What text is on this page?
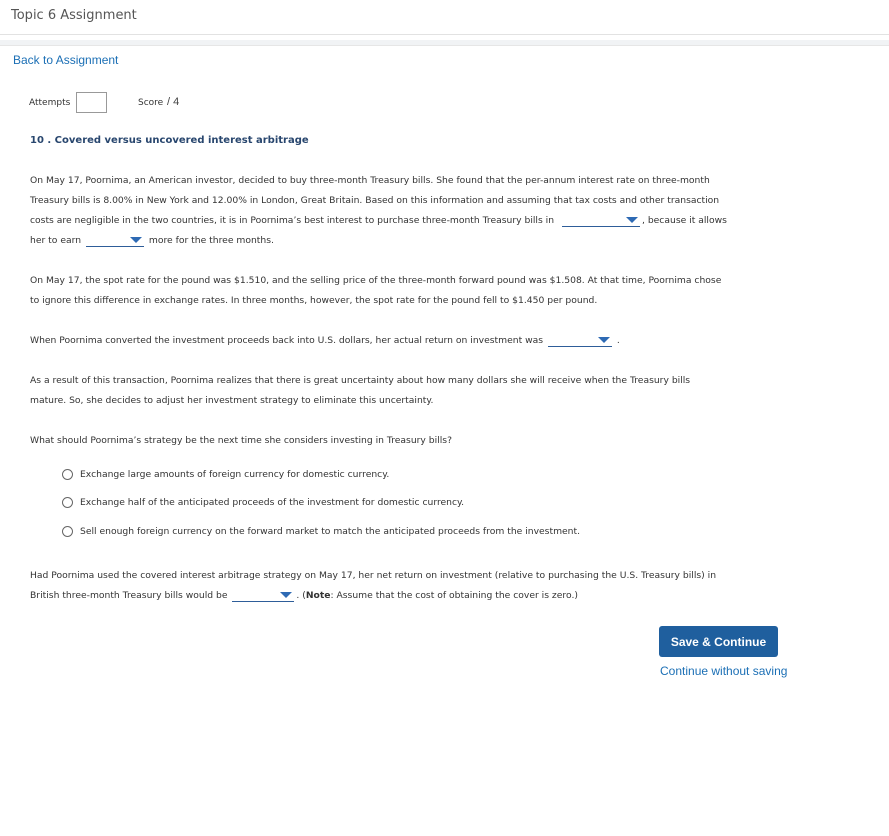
Topic 6 Assignment
Back to Assignment
Attempts	Score / 4
10 . Covered versus uncovered interest arbitrage
On May 17, Poornima, an American investor, decided to buy three-month Treasury bills. She found that the per-annum interest rate on three-month
Treasury bills is 8.00% in New York and 12.00% in London, Great Britain. Based on this information and assuming that tax costs and other transaction
costs are negligible in the two countries, it is in Poornima’s best interest to purchase three-month Treasury bills in	, because it allows
her to earn	more for the three months.
On May 17, the spot rate for the pound was $1.510, and the selling price of the three-month forward pound was $1.508. At that time, Poornima chose
to ignore this difference in exchange rates. In three months, however, the spot rate for the pound fell to $1.450 per pound.
When Poornima converted the investment proceeds back into U.S. dollars, her actual return on investment was	.
As a result of this transaction, Poornima realizes that there is great uncertainty about how many dollars she will receive when the Treasury bills
mature. So, she decides to adjust her investment strategy to eliminate this uncertainty.
What should Poornima’s strategy be the next time she considers investing in Treasury bills?
Exchange large amounts of foreign currency for domestic currency.
Exchange half of the anticipated proceeds of the investment for domestic currency.
Sell enough foreign currency on the forward market to match the anticipated proceeds from the investment.
Had Poornima used the covered interest arbitrage strategy on May 17, her net return on investment (relative to purchasing the U.S. Treasury bills) in
British three-month Treasury bills would be	. (Note: Assume that the cost of obtaining the cover is zero.)
Save & Continue
Continue without saving
